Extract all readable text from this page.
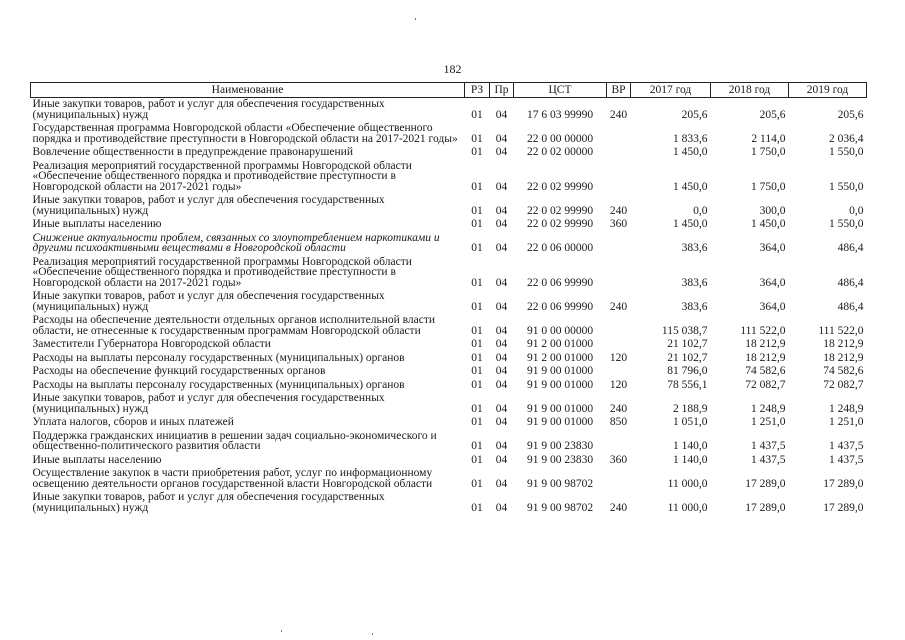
182
Наименование	РЗ	Пр	ЦСТ	ВР	2017 год	2018 год	2019 год
Иные закупки товаров, работ и услуг для обеспечения государственных (муниципальных) нужд	01	04	17 6 03 99990	240	205,6	205,6	205,6
Государственная программа Новгородской области «Обеспечение общественного порядка и противодействие преступности в Новгородской области на 2017-2021 годы»	01	04	22 0 00 00000		1 833,6	2 114,0	2 036,4
Вовлечение общественности в предупреждение правонарушений	01	04	22 0 02 00000		1 450,0	1 750,0	1 550,0
Реализация мероприятий государственной программы Новгородской области «Обеспечение общественного порядка и противодействие преступности в Новгородской области на 2017-2021 годы»	01	04	22 0 02 99990		1 450,0	1 750,0	1 550,0
Иные закупки товаров, работ и услуг для обеспечения государственных (муниципальных) нужд	01	04	22 0 02 99990	240	0,0	300,0	0,0
Иные выплаты населению	01	04	22 0 02 99990	360	1 450,0	1 450,0	1 550,0
Снижение актуальности проблем, связанных со злоупотреблением наркотиками и другими психоактивными веществами в Новгородской области	01	04	22 0 06 00000		383,6	364,0	486,4
Реализация мероприятий государственной программы Новгородской области «Обеспечение общественного порядка и противодействие преступности в Новгородской области на 2017-2021 годы»	01	04	22 0 06 99990		383,6	364,0	486,4
Иные закупки товаров, работ и услуг для обеспечения государственных (муниципальных) нужд	01	04	22 0 06 99990	240	383,6	364,0	486,4
Расходы на обеспечение деятельности отдельных органов исполнительной власти области, не отнесенные к государственным программам Новгородской области	01	04	91 0 00 00000		115 038,7	111 522,0	111 522,0
Заместители Губернатора Новгородской области	01	04	91 2 00 01000		21 102,7	18 212,9	18 212,9
Расходы на выплаты персоналу государственных (муниципальных) органов	01	04	91 2 00 01000	120	21 102,7	18 212,9	18 212,9
Расходы на обеспечение функций государственных органов	01	04	91 9 00 01000		81 796,0	74 582,6	74 582,6
Расходы на выплаты персоналу государственных (муниципальных) органов	01	04	91 9 00 01000	120	78 556,1	72 082,7	72 082,7
Иные закупки товаров, работ и услуг для обеспечения государственных (муниципальных) нужд	01	04	91 9 00 01000	240	2 188,9	1 248,9	1 248,9
Уплата налогов, сборов и иных платежей	01	04	91 9 00 01000	850	1 051,0	1 251,0	1 251,0
Поддержка гражданских инициатив в решении задач социально-экономического и общественно-политического развития области	01	04	91 9 00 23830		1 140,0	1 437,5	1 437,5
Иные выплаты населению	01	04	91 9 00 23830	360	1 140,0	1 437,5	1 437,5
Осуществление закупок в части приобретения работ, услуг по информационному освещению деятельности органов государственной власти Новгородской области	01	04	91 9 00 98702		11 000,0	17 289,0	17 289,0
Иные закупки товаров, работ и услуг для обеспечения государственных (муниципальных) нужд	01	04	91 9 00 98702	240	11 000,0	17 289,0	17 289,0
